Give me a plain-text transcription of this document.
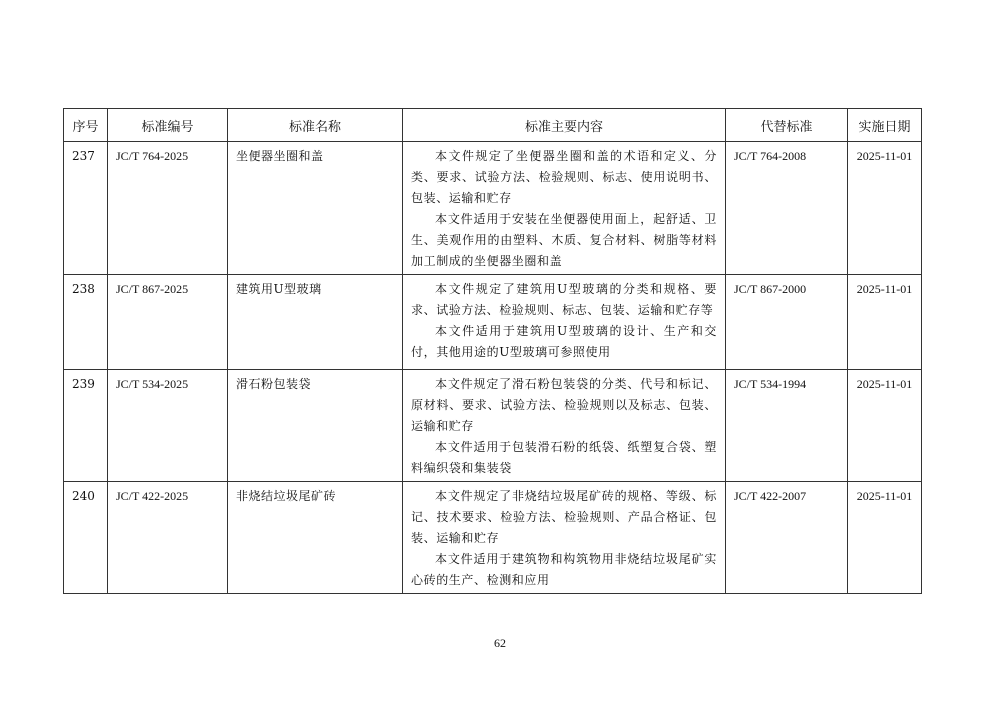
序号	标准编号	标准名称	标准主要内容	代替标准	实施日期
237	JC/T 764-2025	坐便器坐圈和盖	本文件规定了坐便器坐圈和盖的术语和定义、分类、要求、试验方法、检验规则、标志、使用说明书、包装、运输和贮存

本文件适用于安装在坐便器使用面上，起舒适、卫生、美观作用的由塑料、木质、复合材料、树脂等材料加工制成的坐便器坐圈和盖	JC/T 764-2008	2025-11-01
238	JC/T 867-2025	建筑用U型玻璃	本文件规定了建筑用U型玻璃的分类和规格、要求、试验方法、检验规则、标志、包装、运输和贮存等

本文件适用于建筑用U型玻璃的设计、生产和交付，其他用途的U型玻璃可参照使用	JC/T 867-2000	2025-11-01
239	JC/T 534-2025	滑石粉包装袋	本文件规定了滑石粉包装袋的分类、代号和标记、原材料、要求、试验方法、检验规则以及标志、包装、运输和贮存

本文件适用于包装滑石粉的纸袋、纸塑复合袋、塑料编织袋和集装袋	JC/T 534-1994	2025-11-01
240	JC/T 422-2025	非烧结垃圾尾矿砖	本文件规定了非烧结垃圾尾矿砖的规格、等级、标记、技术要求、检验方法、检验规则、产品合格证、包装、运输和贮存

本文件适用于建筑物和构筑物用非烧结垃圾尾矿实心砖的生产、检测和应用	JC/T 422-2007	2025-11-01
62
